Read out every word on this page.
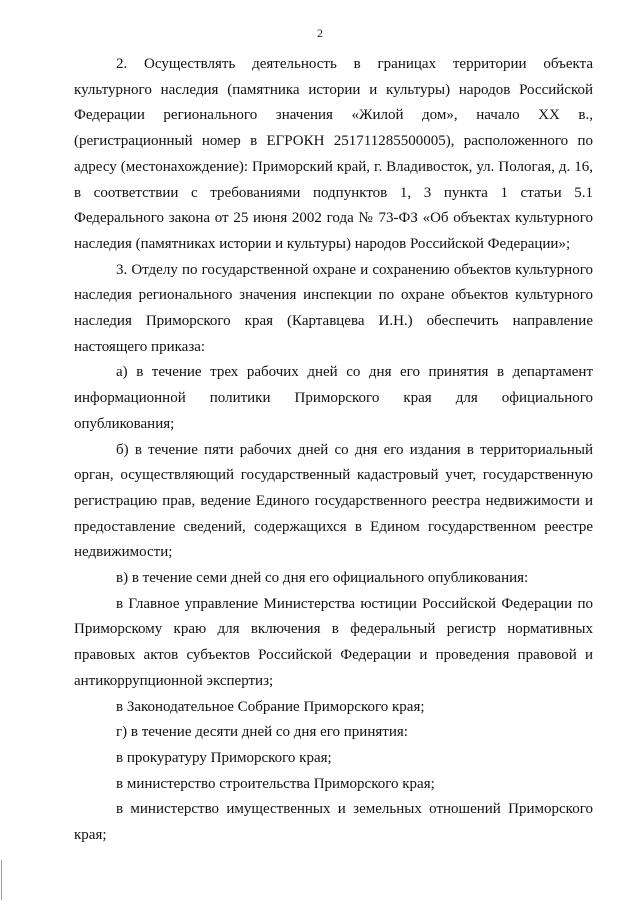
2

2. Осуществлять деятельность в границах территории объекта культурного наследия (памятника истории и культуры) народов Российской Федерации регионального значения «Жилой дом», начало XX в., (регистрационный номер в ЕГРОКН 251711285500005), расположенного по адресу (местонахождение): Приморский край, г. Владивосток, ул. Пологая, д. 16, в соответствии с требованиями подпунктов 1, 3 пункта 1 статьи 5.1 Федерального закона от 25 июня 2002 года № 73-ФЗ «Об объектах культурного наследия (памятниках истории и культуры) народов Российской Федерации»;

3. Отделу по государственной охране и сохранению объектов культурного наследия регионального значения инспекции по охране объектов культурного наследия Приморского края (Картавцева И.Н.) обеспечить направление настоящего приказа:

а) в течение трех рабочих дней со дня его принятия в департамент информационной политики Приморского края для официального опубликования;

б) в течение пяти рабочих дней со дня его издания в территориальный орган, осуществляющий государственный кадастровый учет, государственную регистрацию прав, ведение Единого государственного реестра недвижимости и предоставление сведений, содержащихся в Едином государственном реестре недвижимости;

в) в течение семи дней со дня его официального опубликования:

в Главное управление Министерства юстиции Российской Федерации по Приморскому краю для включения в федеральный регистр нормативных правовых актов субъектов Российской Федерации и проведения правовой и антикоррупционной экспертиз;

в Законодательное Собрание Приморского края;

г) в течение десяти дней со дня его принятия:

в прокуратуру Приморского края;

в министерство строительства Приморского края;

в министерство имущественных и земельных отношений Приморского края;
